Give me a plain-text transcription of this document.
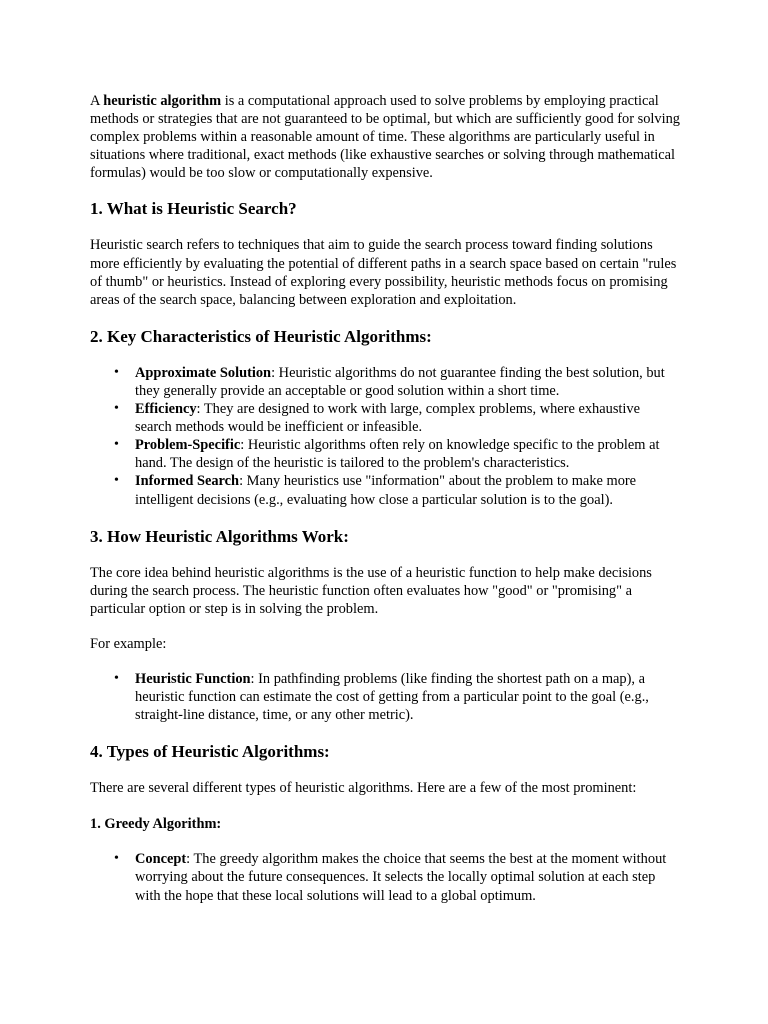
A heuristic algorithm is a computational approach used to solve problems by employing practical methods or strategies that are not guaranteed to be optimal, but which are sufficiently good for solving complex problems within a reasonable amount of time. These algorithms are particularly useful in situations where traditional, exact methods (like exhaustive searches or solving through mathematical formulas) would be too slow or computationally expensive.

1. What is Heuristic Search?

Heuristic search refers to techniques that aim to guide the search process toward finding solutions more efficiently by evaluating the potential of different paths in a search space based on certain "rules of thumb" or heuristics. Instead of exploring every possibility, heuristic methods focus on promising areas of the search space, balancing between exploration and exploitation.

2. Key Characteristics of Heuristic Algorithms:
• Approximate Solution: Heuristic algorithms do not guarantee finding the best solution, but they generally provide an acceptable or good solution within a short time.
• Efficiency: They are designed to work with large, complex problems, where exhaustive search methods would be inefficient or infeasible.
• Problem-Specific: Heuristic algorithms often rely on knowledge specific to the problem at hand. The design of the heuristic is tailored to the problem's characteristics.
• Informed Search: Many heuristics use "information" about the problem to make more intelligent decisions (e.g., evaluating how close a particular solution is to the goal).
3. How Heuristic Algorithms Work:

The core idea behind heuristic algorithms is the use of a heuristic function to help make decisions during the search process. The heuristic function often evaluates how "good" or "promising" a particular option or step is in solving the problem.

For example:

• Heuristic Function: In pathfinding problems (like finding the shortest path on a map), a heuristic function can estimate the cost of getting from a particular point to the goal (e.g., straight-line distance, time, or any other metric).
4. Types of Heuristic Algorithms:

There are several different types of heuristic algorithms. Here are a few of the most prominent:

1. Greedy Algorithm:
• Concept: The greedy algorithm makes the choice that seems the best at the moment without worrying about the future consequences. It selects the locally optimal solution at each step with the hope that these local solutions will lead to a global optimum.
